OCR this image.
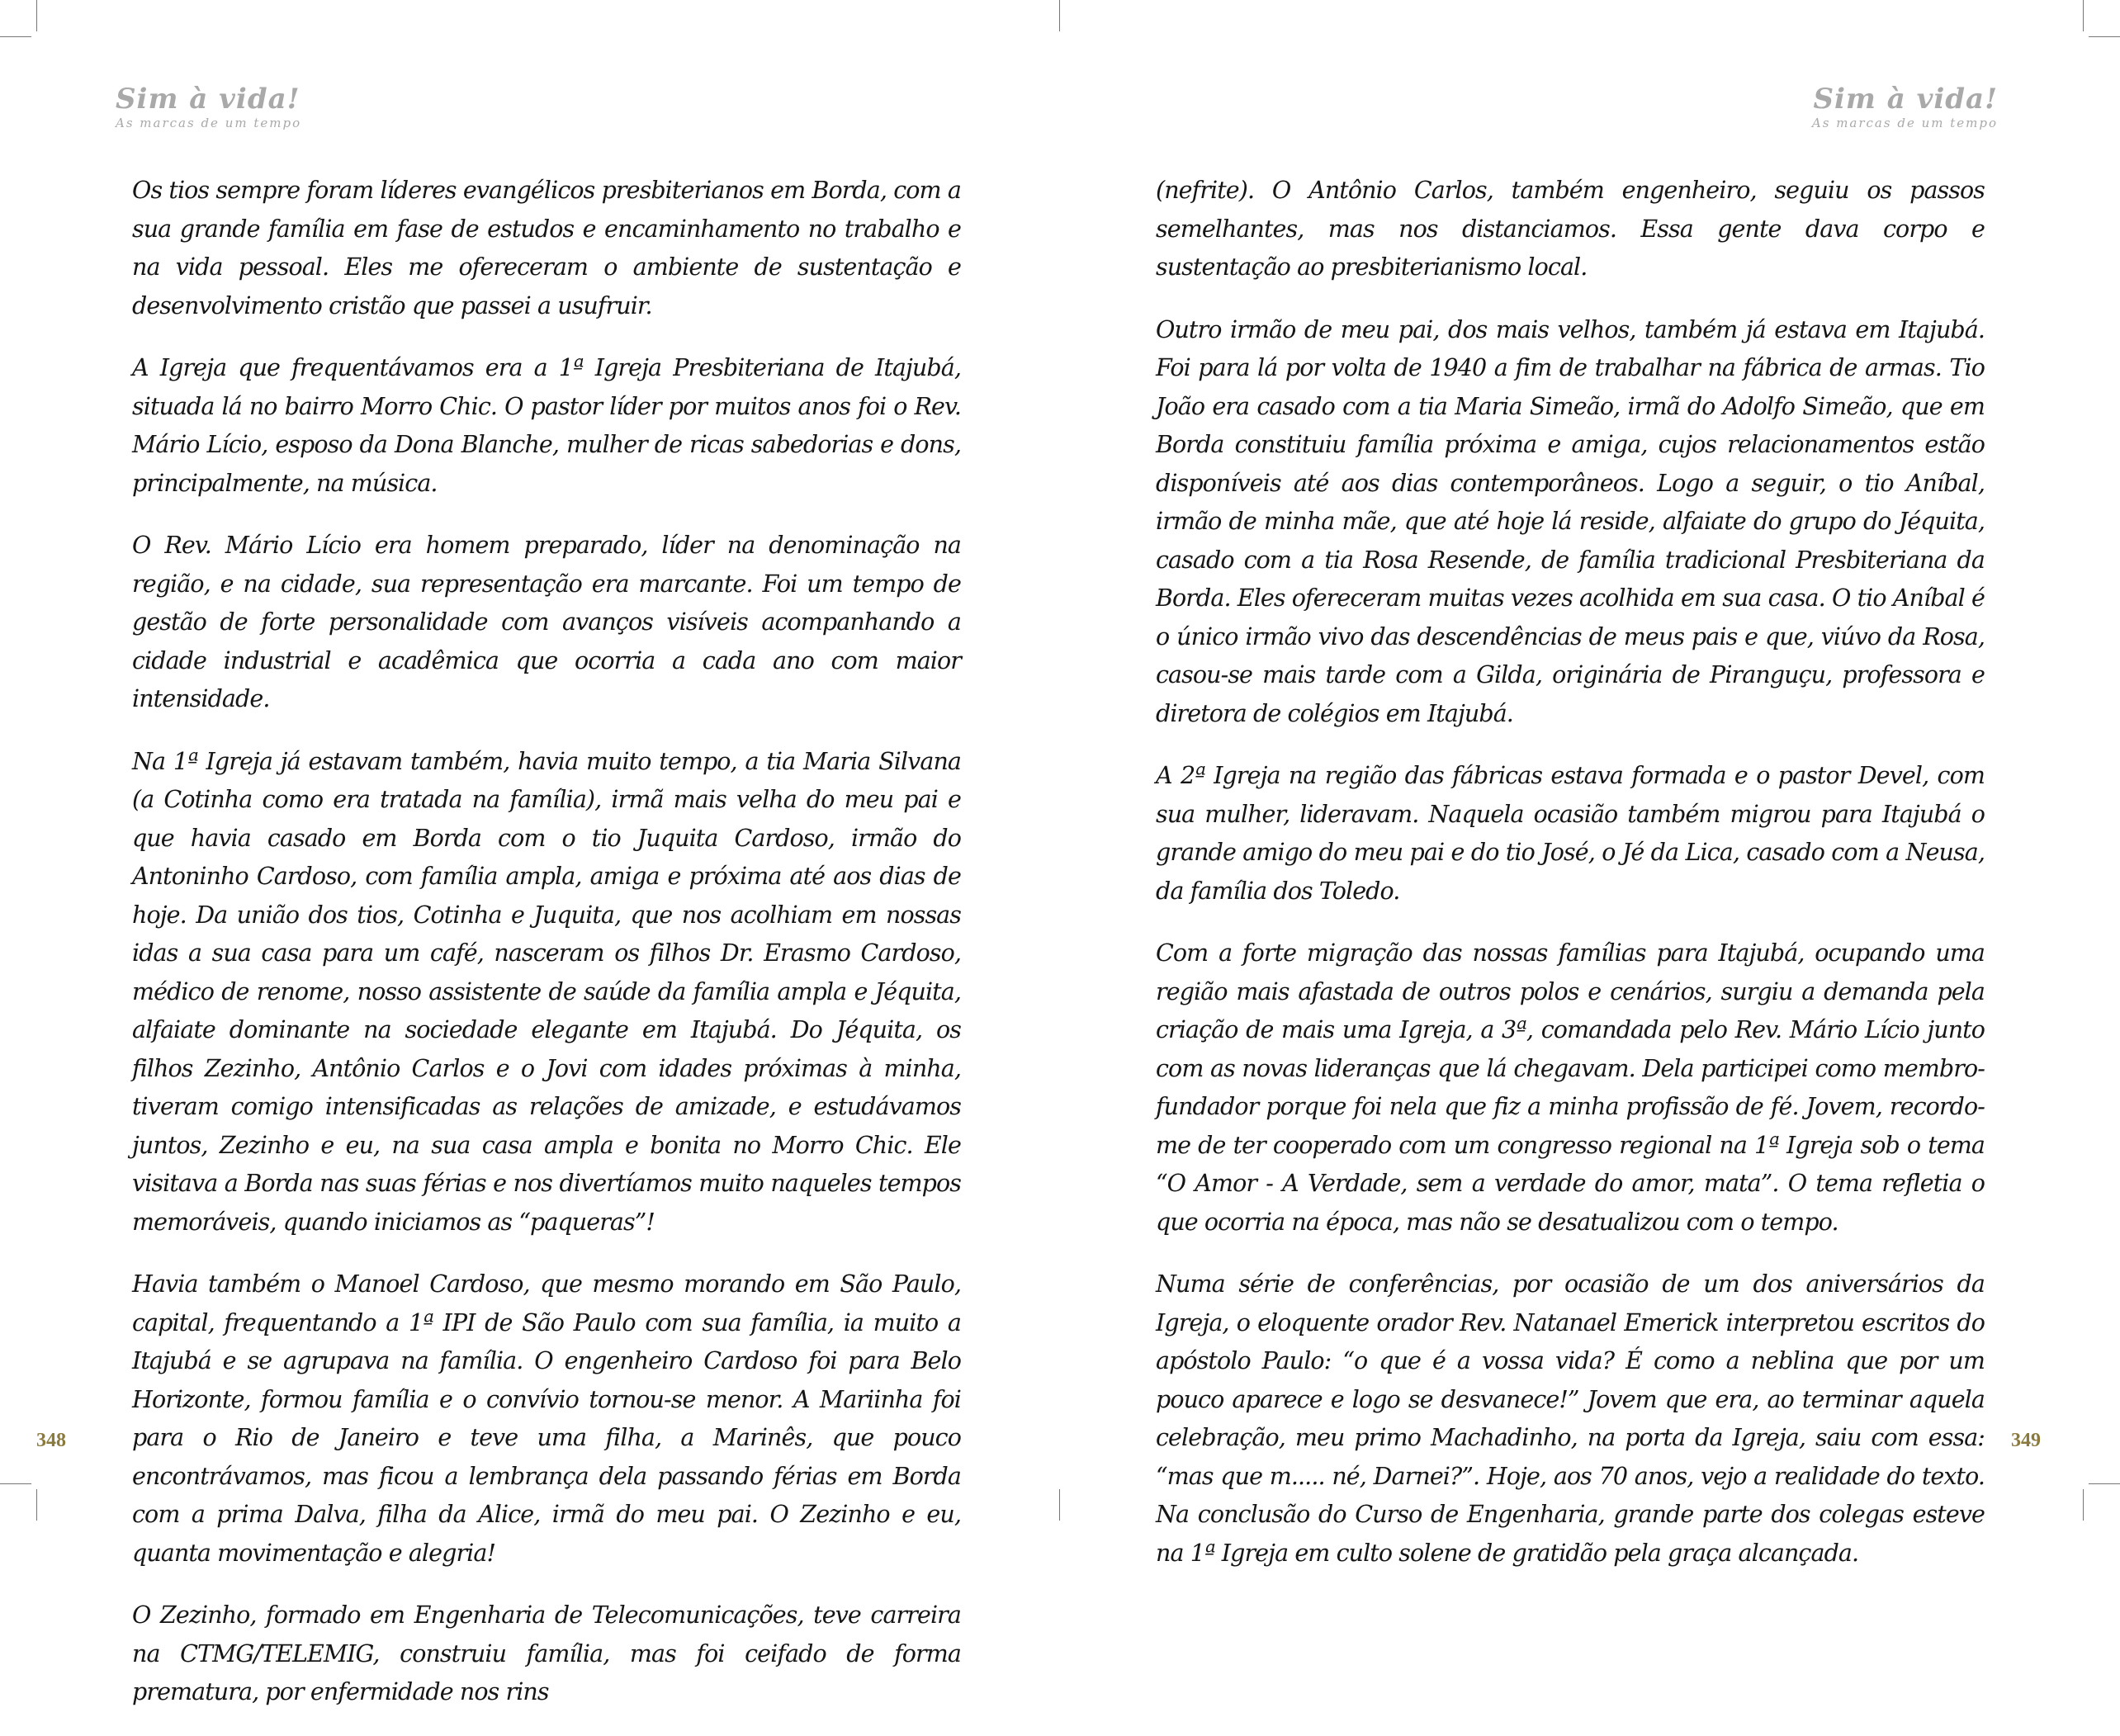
Sim à vida!
As marcas de um tempo

Os tios sempre foram líderes evangélicos presbiterianos em Borda, com a sua grande família em fase de estudos e encaminhamento no trabalho e na vida pessoal. Eles me ofereceram o ambiente de sustentação e desenvolvimento cristão que passei a usufruir.

A Igreja que frequentávamos era a 1ª Igreja Presbiteriana de Itajubá, situada lá no bairro Morro Chic. O pastor líder por muitos anos foi o Rev. Mário Lício, esposo da Dona Blanche, mulher de ricas sabedorias e dons, principalmente, na música.

O Rev. Mário Lício era homem preparado, líder na denominação na região, e na cidade, sua representação era marcante. Foi um tempo de gestão de forte personalidade com avanços visíveis acompanhando a cidade industrial e acadêmica que ocorria a cada ano com maior intensidade.

Na 1ª Igreja já estavam também, havia muito tempo, a tia Maria Silvana (a Cotinha como era tratada na família), irmã mais velha do meu pai e que havia casado em Borda com o tio Juquita Cardoso, irmão do Antoninho Cardoso, com família ampla, amiga e próxima até aos dias de hoje. Da união dos tios, Cotinha e Juquita, que nos acolhiam em nossas idas a sua casa para um café, nasceram os filhos Dr. Erasmo Cardoso, médico de renome, nosso assistente de saúde da família ampla e Jéquita, alfaiate dominante na sociedade elegante em Itajubá. Do Jéquita, os filhos Zezinho, Antônio Carlos e o Jovi com idades próximas à minha, tiveram comigo intensificadas as relações de amizade, e estudávamos juntos, Zezinho e eu, na sua casa ampla e bonita no Morro Chic. Ele visitava a Borda nas suas férias e nos divertíamos muito naqueles tempos memoráveis, quando iniciamos as “paqueras”!

Havia também o Manoel Cardoso, que mesmo morando em São Paulo, capital, frequentando a 1ª IPI de São Paulo com sua família, ia muito a Itajubá e se agrupava na família. O engenheiro Cardoso foi para Belo Horizonte, formou família e o convívio tornou-se menor. A Mariinha foi para o Rio de Janeiro e teve uma filha, a Marinês, que pouco encontrávamos, mas ficou a lembrança dela passando férias em Borda com a prima Dalva, filha da Alice, irmã do meu pai. O Zezinho e eu, quanta movimentação e alegria!

O Zezinho, formado em Engenharia de Telecomunicações, teve carreira na CTMG/TELEMIG, construiu família, mas foi ceifado de forma prematura, por enfermidade nos rins

348
Sim à vida!
As marcas de um tempo

(nefrite). O Antônio Carlos, também engenheiro, seguiu os passos semelhantes, mas nos distanciamos. Essa gente dava corpo e sustentação ao presbiterianismo local.

Outro irmão de meu pai, dos mais velhos, também já estava em Itajubá. Foi para lá por volta de 1940 a fim de trabalhar na fábrica de armas. Tio João era casado com a tia Maria Simeão, irmã do Adolfo Simeão, que em Borda constituiu família próxima e amiga, cujos relacionamentos estão disponíveis até aos dias contemporâneos. Logo a seguir, o tio Aníbal, irmão de minha mãe, que até hoje lá reside, alfaiate do grupo do Jéquita, casado com a tia Rosa Resende, de família tradicional Presbiteriana da Borda. Eles ofereceram muitas vezes acolhida em sua casa. O tio Aníbal é o único irmão vivo das descendências de meus pais e que, viúvo da Rosa, casou-se mais tarde com a Gilda, originária de Piranguçu, professora e diretora de colégios em Itajubá.

A 2ª Igreja na região das fábricas estava formada e o pastor Devel, com sua mulher, lideravam. Naquela ocasião também migrou para Itajubá o grande amigo do meu pai e do tio José, o Jé da Lica, casado com a Neusa, da família dos Toledo.

Com a forte migração das nossas famílias para Itajubá, ocupando uma região mais afastada de outros polos e cenários, surgiu a demanda pela criação de mais uma Igreja, a 3ª, comandada pelo Rev. Mário Lício junto com as novas lideranças que lá chegavam. Dela participei como membro-fundador porque foi nela que fiz a minha profissão de fé. Jovem, recordo-me de ter cooperado com um congresso regional na 1ª Igreja sob o tema “O Amor - A Verdade, sem a verdade do amor, mata”. O tema refletia o que ocorria na época, mas não se desatualizou com o tempo.

Numa série de conferências, por ocasião de um dos aniversários da Igreja, o eloquente orador Rev. Natanael Emerick interpretou escritos do apóstolo Paulo: “o que é a vossa vida? É como a neblina que por um pouco aparece e logo se desvanece!” Jovem que era, ao terminar aquela celebração, meu primo Machadinho, na porta da Igreja, saiu com essa: “mas que m..... né, Darnei?”. Hoje, aos 70 anos, vejo a realidade do texto. Na conclusão do Curso de Engenharia, grande parte dos colegas esteve na 1ª Igreja em culto solene de gratidão pela graça alcançada.

349
